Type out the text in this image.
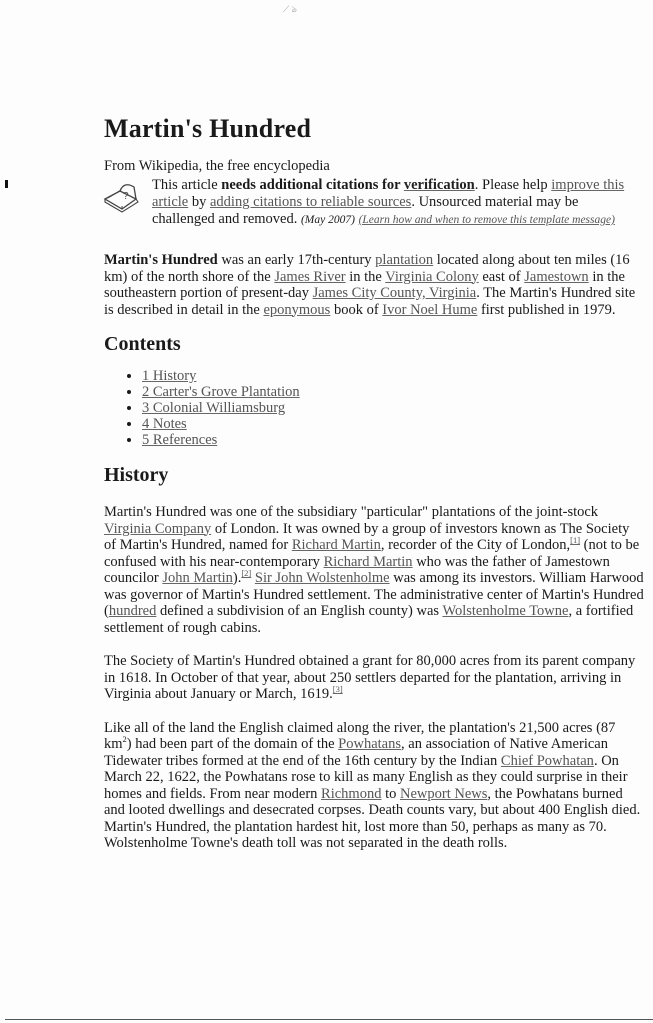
⟋ ঌ
Martin's Hundred
From Wikipedia, the free encyclopedia
?
This article needs additional citations for verification. Please help improve this article by adding citations to reliable sources. Unsourced material may be challenged and removed. (May 2007) (Learn how and when to remove this template message)

Martin's Hundred was an early 17th-century plantation located along about ten miles (16 km) of the north shore of the James River in the Virginia Colony east of Jamestown in the southeastern portion of present-day James City County, Virginia. The Martin's Hundred site is described in detail in the eponymous book of Ivor Noel Hume first published in 1979.

Contents
• 1 History
• 2 Carter's Grove Plantation
• 3 Colonial Williamsburg
• 4 Notes
• 5 References
History

Martin's Hundred was one of the subsidiary "particular" plantations of the joint-stock Virginia Company of London. It was owned by a group of investors known as The Society of Martin's Hundred, named for Richard Martin, recorder of the City of London,[1] (not to be confused with his near-contemporary Richard Martin who was the father of Jamestown councilor John Martin).[2] Sir John Wolstenholme was among its investors. William Harwood was governor of Martin's Hundred settlement. The administrative center of Martin's Hundred (hundred defined a subdivision of an English county) was Wolstenholme Towne, a fortified settlement of rough cabins.

The Society of Martin's Hundred obtained a grant for 80,000 acres from its parent company in 1618. In October of that year, about 250 settlers departed for the plantation, arriving in Virginia about January or March, 1619.[3]

Like all of the land the English claimed along the river, the plantation's 21,500 acres (87 $km^2$) had been part of the domain of the Powhatans, an association of Native American Tidewater tribes formed at the end of the 16th century by the Indian Chief Powhatan. On March 22, 1622, the Powhatans rose to kill as many English as they could surprise in their homes and fields. From near modern Richmond to Newport News, the Powhatans burned and looted dwellings and desecrated corpses. Death counts vary, but about 400 English died. Martin's Hundred, the plantation hardest hit, lost more than 50, perhaps as many as 70. Wolstenholme Towne's death toll was not separated in the death rolls.
